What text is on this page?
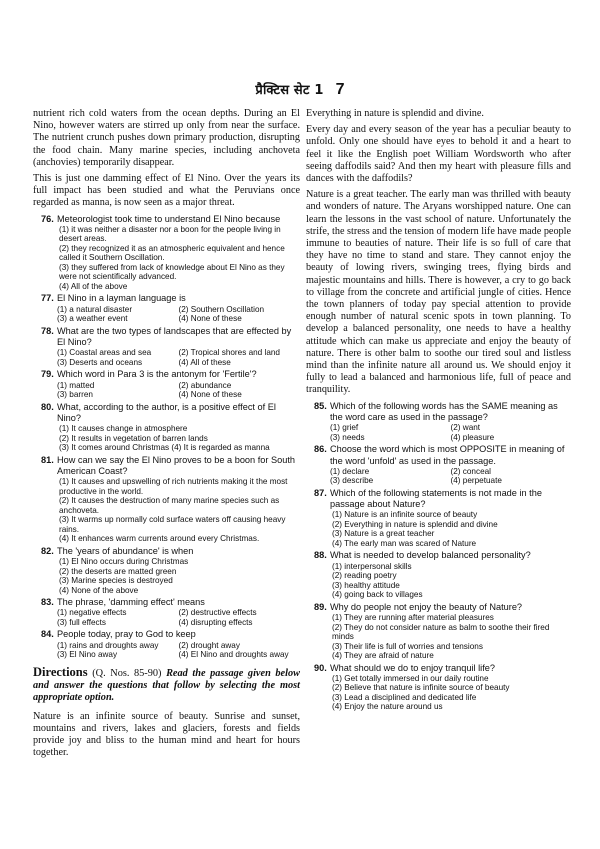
प्रैक्टिस सेट 1 7

nutrient rich cold waters from the ocean depths. During an El Nino, however waters are stirred up only from near the surface. The nutrient crunch pushes down primary production, disrupting the food chain. Many marine species, including anchoveta (anchovies) temporarily disappear.

This is just one damming effect of El Nino. Over the years its full impact has been studied and what the Peruvians once regarded as manna, is now seen as a major threat.

76. Meteorologist took time to understand El Nino because
(1) it was neither a disaster nor a boon for the people living in desert areas.
(2) they recognized it as an atmospheric equivalent and hence called it Southern Oscillation.
(3) they suffered from lack of knowledge about El Nino as they were not scientifically advanced.
(4) All of the above
77. El Nino in a layman language is
(1) a natural disaster	(2) Southern Oscillation
(3) a weather event	(4) None of these
78. What are the two types of landscapes that are effected by El Nino?
(1) Coastal areas and sea	(2) Tropical shores and land
(3) Deserts and oceans	(4) All of these
79. Which word in Para 3 is the antonym for 'Fertile'?
(1) matted	(2) abundance
(3) barren	(4) None of these
80. What, according to the author, is a positive effect of El Nino?
(1) It causes change in atmosphere
(2) It results in vegetation of barren lands
(3) It comes around Christmas (4) It is regarded as manna
81. How can we say the El Nino proves to be a boon for South American Coast?
(1) It causes and upswelling of rich nutrients making it the most productive in the world.
(2) It causes the destruction of many marine species such as anchoveta.
(3) It warms up normally cold surface waters off causing heavy rains.
(4) It enhances warm currents around every Christmas.
82. The 'years of abundance' is when
(1) El Nino occurs during Christmas
(2) the deserts are matted green
(3) Marine species is destroyed
(4) None of the above
83. The phrase, 'damming effect' means
(1) negative effects	(2) destructive effects
(3) full effects	(4) disrupting effects
84. People today, pray to God to keep
(1) rains and droughts away	(2) drought away
(3) El Nino away	(4) El Nino and droughts away
Directions (Q. Nos. 85-90) Read the passage given below and answer the questions that follow by selecting the most appropriate option.

Nature is an infinite source of beauty. Sunrise and sunset, mountains and rivers, lakes and glaciers, forests and fields provide joy and bliss to the human mind and heart for hours together.

Everything in nature is splendid and divine.

Every day and every season of the year has a peculiar beauty to unfold. Only one should have eyes to behold it and a heart to feel it like the English poet William Wordsworth who after seeing daffodils said? And then my heart with pleasure fills and dances with the daffodils?

Nature is a great teacher. The early man was thrilled with beauty and wonders of nature. The Aryans worshipped nature. One can learn the lessons in the vast school of nature. Unfortunately the strife, the stress and the tension of modern life have made people immune to beauties of nature. Their life is so full of care that they have no time to stand and stare. They cannot enjoy the beauty of lowing rivers, swinging trees, flying birds and majestic mountains and hills. There is however, a cry to go back to village from the concrete and artificial jungle of cities. Hence the town planners of today pay special attention to provide enough number of natural scenic spots in town planning. To develop a balanced personality, one needs to have a healthy attitude which can make us appreciate and enjoy the beauty of nature. There is other balm to soothe our tired soul and listless mind than the infinite nature all around us. We should enjoy it fully to lead a balanced and harmonious life, full of peace and tranquility.

85. Which of the following words has the SAME meaning as the word care as used in the passage?
(1) grief	(2) want
(3) needs	(4) pleasure
86. Choose the word which is most OPPOSITE in meaning of the word 'unfold' as used in the passage.
(1) declare	(2) conceal
(3) describe	(4) perpetuate
87. Which of the following statements is not made in the passage about Nature?
(1) Nature is an infinite source of beauty
(2) Everything in nature is splendid and divine
(3) Nature is a great teacher
(4) The early man was scared of Nature
88. What is needed to develop balanced personality?
(1) interpersonal skills
(2) reading poetry
(3) healthy attitude
(4) going back to villages
89. Why do people not enjoy the beauty of Nature?
(1) They are running after material pleasures
(2) They do not consider nature as balm to soothe their fired minds
(3) Their life is full of worries and tensions
(4) They are afraid of nature
90. What should we do to enjoy tranquil life?
(1) Get totally immersed in our daily routine
(2) Believe that nature is infinite source of beauty
(3) Lead a disciplined and dedicated life
(4) Enjoy the nature around us
